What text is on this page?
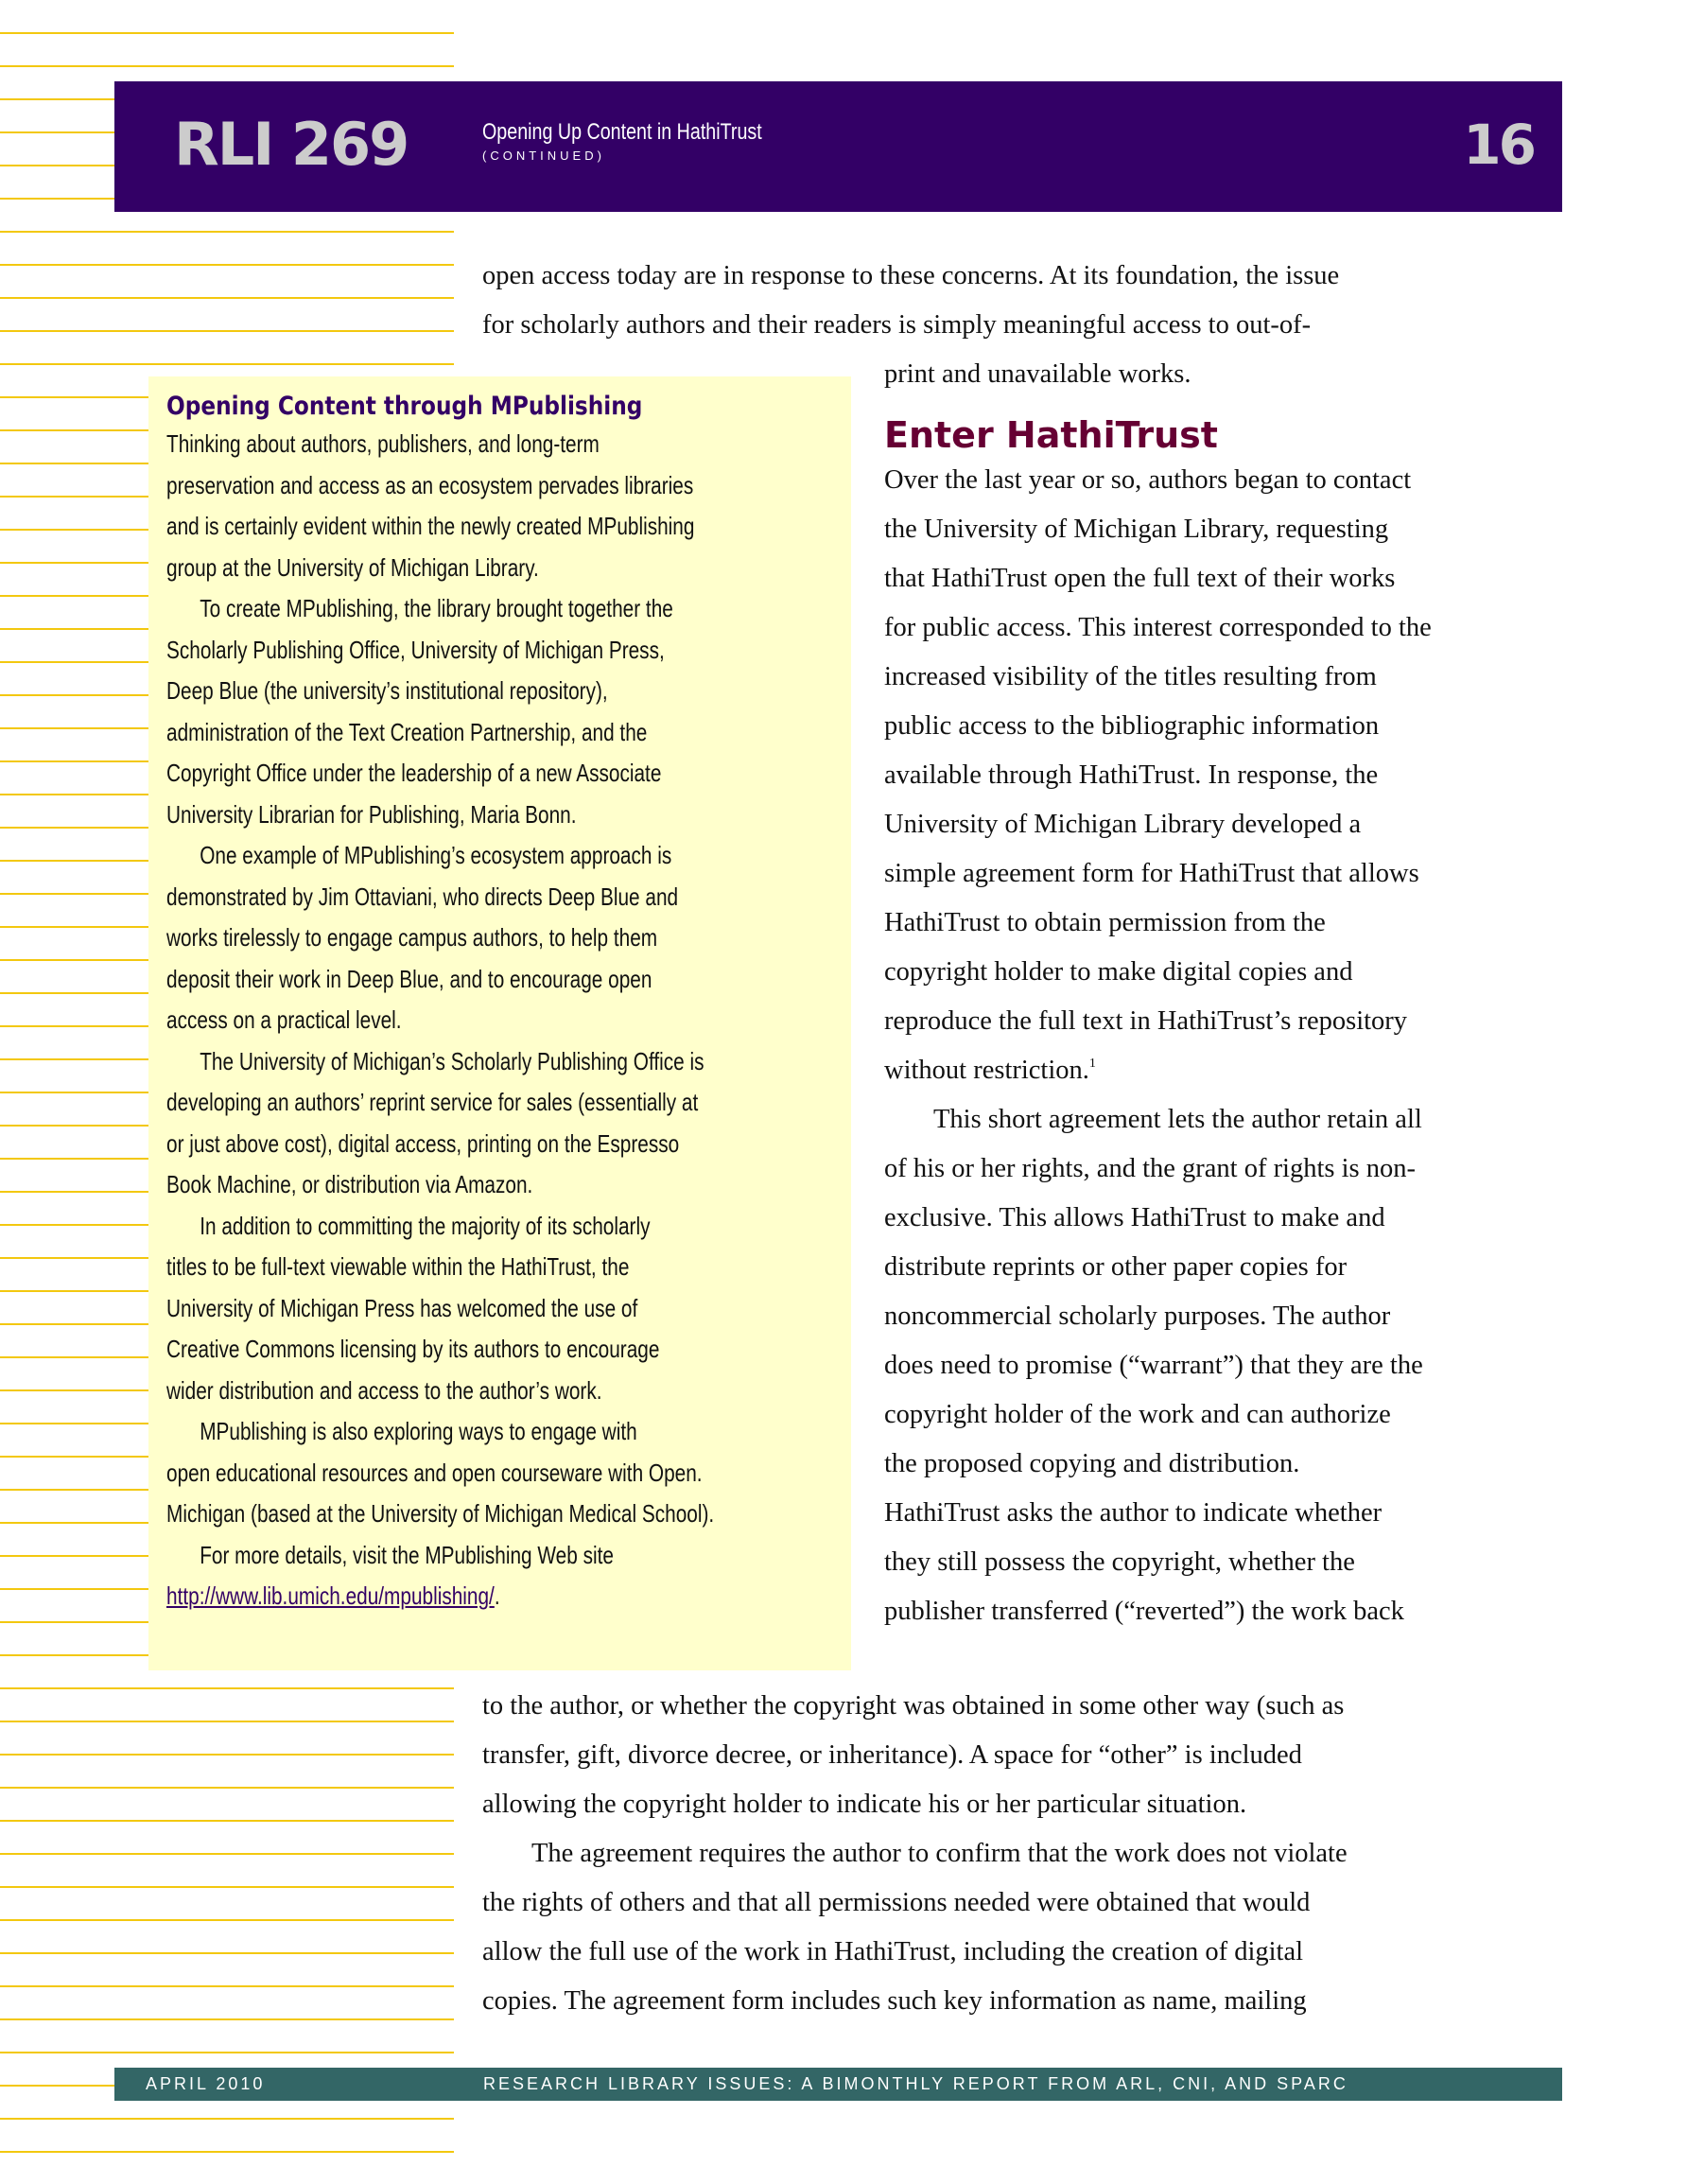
RLI 269	Opening Up Content in HathiTrust
(CONTINUED)	16

open access today are in response to these concerns. At its foundation, the issue

for scholarly authors and their readers is simply meaningful access to out-of-

print and unavailable works.

Enter HathiTrust

Over the last year or so, authors began to contact

the University of Michigan Library, requesting

that HathiTrust open the full text of their works

for public access. This interest corresponded to the

increased visibility of the titles resulting from

public access to the bibliographic information

available through HathiTrust. In response, the

University of Michigan Library developed a

simple agreement form for HathiTrust that allows

HathiTrust to obtain permission from the

copyright holder to make digital copies and

reproduce the full text in HathiTrust’s repository

without restriction.$^1$

This short agreement lets the author retain all

of his or her rights, and the grant of rights is non-

exclusive. This allows HathiTrust to make and

distribute reprints or other paper copies for

noncommercial scholarly purposes. The author

does need to promise (“warrant”) that they are the

copyright holder of the work and can authorize

the proposed copying and distribution.

HathiTrust asks the author to indicate whether

they still possess the copyright, whether the

publisher transferred (“reverted”) the work back

to the author, or whether the copyright was obtained in some other way (such as

transfer, gift, divorce decree, or inheritance). A space for “other” is included

allowing the copyright holder to indicate his or her particular situation.

The agreement requires the author to confirm that the work does not violate

the rights of others and that all permissions needed were obtained that would

allow the full use of the work in HathiTrust, including the creation of digital

copies. The agreement form includes such key information as name, mailing

Opening Content through MPublishing

Thinking about authors, publishers, and long-term

preservation and access as an ecosystem pervades libraries

and is certainly evident within the newly created MPublishing

group at the University of Michigan Library.

To create MPublishing, the library brought together the

Scholarly Publishing Office, University of Michigan Press,

Deep Blue (the university’s institutional repository),

administration of the Text Creation Partnership, and the

Copyright Office under the leadership of a new Associate

University Librarian for Publishing, Maria Bonn.

One example of MPublishing’s ecosystem approach is

demonstrated by Jim Ottaviani, who directs Deep Blue and

works tirelessly to engage campus authors, to help them

deposit their work in Deep Blue, and to encourage open

access on a practical level.

The University of Michigan’s Scholarly Publishing Office is

developing an authors’ reprint service for sales (essentially at

or just above cost), digital access, printing on the Espresso

Book Machine, or distribution via Amazon.

In addition to committing the majority of its scholarly

titles to be full-text viewable within the HathiTrust, the

University of Michigan Press has welcomed the use of

Creative Commons licensing by its authors to encourage

wider distribution and access to the author’s work.

MPublishing is also exploring ways to engage with

open educational resources and open courseware with Open.

Michigan (based at the University of Michigan Medical School).

For more details, visit the MPublishing Web site

http://www.lib.umich.edu/mpublishing/.

APRIL 2010	RESEARCH LIBRARY ISSUES: A BIMONTHLY REPORT FROM ARL, CNI, AND SPARC
